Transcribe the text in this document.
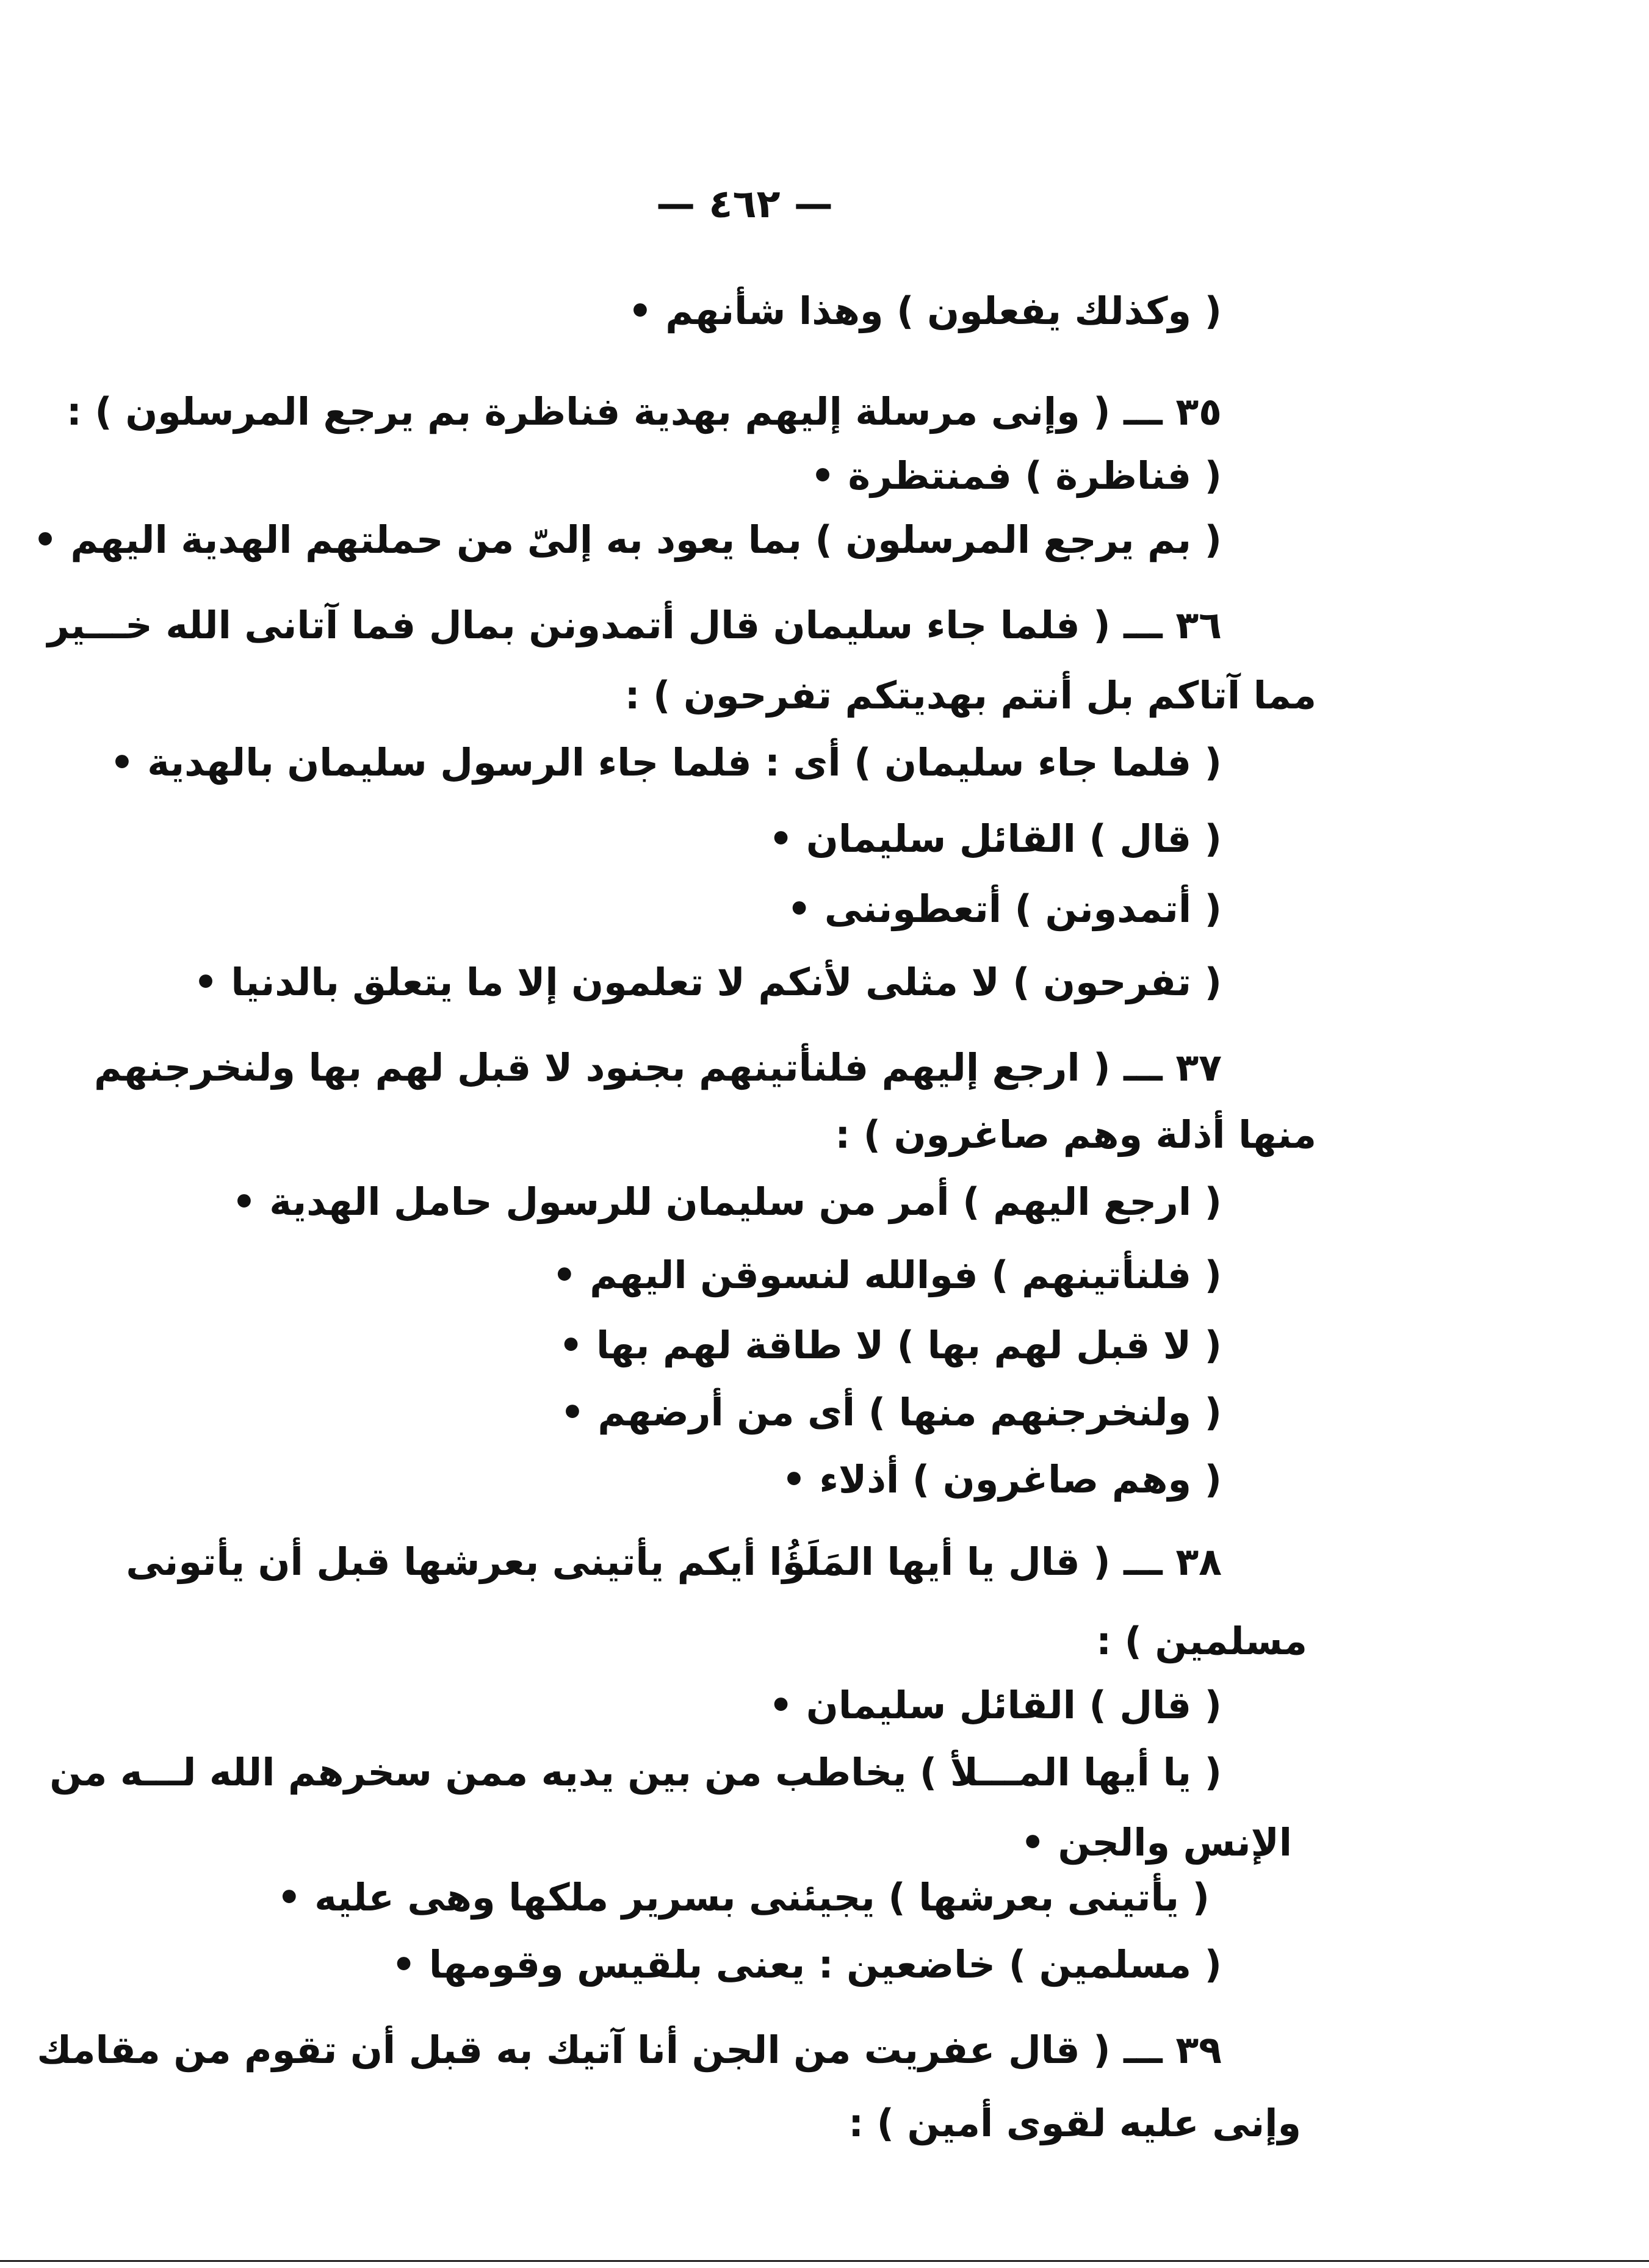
— ٤٦٢ —
( وكذلك يفعلون ) وهذا شأنهم •
٣٥ ـــ ( وإنى مرسلة إليهم بهدية فناظرة بم يرجع المرسلون ) :
( فناظرة ) فمنتظرة •
( بم يرجع المرسلون ) بما يعود به إلىّ من حملتهم الهدية اليهم •
٣٦ ـــ ( فلما جاء سليمان قال أتمدونن بمال فما آتانى الله خـــير
مما آتاكم بل أنتم بهديتكم تفرحون ) :
( فلما جاء سليمان ) أى : فلما جاء الرسول سليمان بالهدية •
( قال ) القائل سليمان •
( أتمدونن ) أتعطوننى •
( تفرحون ) لا مثلى لأنكم لا تعلمون إلا ما يتعلق بالدنيا •
٣٧ ـــ ( ارجع إليهم فلنأتينهم بجنود لا قبل لهم بها ولنخرجنهم
منها أذلة وهم صاغرون ) :
( ارجع اليهم ) أمر من سليمان للرسول حامل الهدية •
( فلنأتينهم ) فوالله لنسوقن اليهم •
( لا قبل لهم بها ) لا طاقة لهم بها •
( ولنخرجنهم منها ) أى من أرضهم •
( وهم صاغرون ) أذلاء •
٣٨ ـــ ( قال يا أيها المَلَؤُا أيكم يأتينى بعرشها قبل أن يأتونى
مسلمين ) :
( قال ) القائل سليمان •
( يا أيها المـــلأ ) يخاطب من بين يديه ممن سخرهم الله لـــه من
الإنس والجن •
( يأتينى بعرشها ) يجيئنى بسرير ملكها وهى عليه •
( مسلمين ) خاضعين : يعنى بلقيس وقومها •
٣٩ ـــ ( قال عفريت من الجن أنا آتيك به قبل أن تقوم من مقامك
وإنى عليه لقوى أمين ) :
